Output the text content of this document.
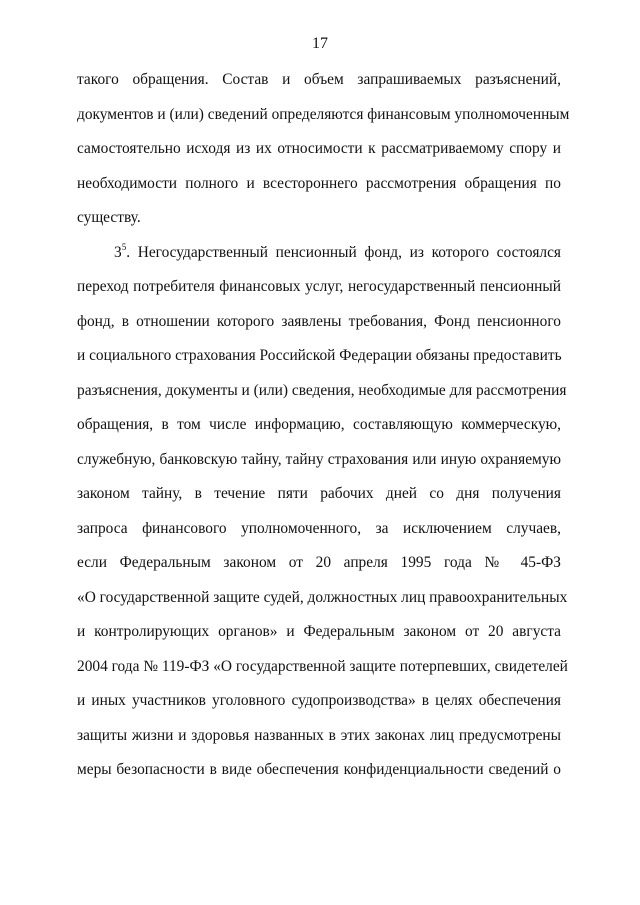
17
такого обращения. Состав и объем запрашиваемых разъяснений,
документов и (или) сведений определяются финансовым уполномоченным
самостоятельно исходя из их относимости к рассматриваемому спору и
необходимости полного и всестороннего рассмотрения обращения по
существу.
$3^5$. Негосударственный пенсионный фонд, из которого состоялся
переход потребителя финансовых услуг, негосударственный пенсионный
фонд, в отношении которого заявлены требования, Фонд пенсионного
и социального страхования Российской Федерации обязаны предоставить
разъяснения, документы и (или) сведения, необходимые для рассмотрения
обращения, в том числе информацию, составляющую коммерческую,
служебную, банковскую тайну, тайну страхования или иную охраняемую
законом тайну, в течение пяти рабочих дней со дня получения
запроса финансового уполномоченного, за исключением случаев,
если Федеральным законом от 20 апреля 1995 года № 45-ФЗ
«О государственной защите судей, должностных лиц правоохранительных
и контролирующих органов» и Федеральным законом от 20 августа
2004 года № 119-ФЗ «О государственной защите потерпевших, свидетелей
и иных участников уголовного судопроизводства» в целях обеспечения
защиты жизни и здоровья названных в этих законах лиц предусмотрены
меры безопасности в виде обеспечения конфиденциальности сведений о
